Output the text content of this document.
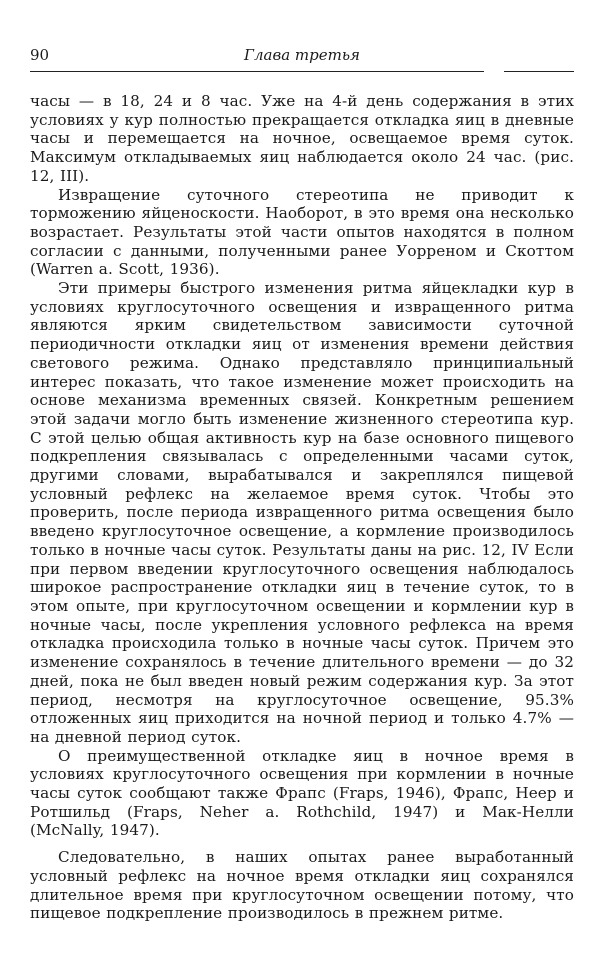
90	Глава третья

часы — в 18, 24 и 8 час. Уже на 4-й день содержания в этих условиях у кур полностью прекращается откладка яиц в дневные часы и перемещается на ночное, освещаемое время суток. Максимум откладываемых яиц наблюдается около 24 час. (рис. 12, III).

Извращение суточного стереотипа не приводит к торможению яйценоскости. Наоборот, в это время она несколько возрастает. Результаты этой части опытов находятся в полном согласии с данными, полученными ранее Уорреном и Скоттом (Warren a. Scott, 1936).

Эти примеры быстрого изменения ритма яйцекладки кур в условиях круглосуточного освещения и извращенного ритма являются ярким свидетельством зависимости суточной периодичности откладки яиц от изменения времени действия светового режима. Однако представляло принципиальный интерес показать, что такое изменение может происходить на основе механизма временных связей. Конкретным решением этой задачи могло быть изменение жизненного стереотипа кур. С этой целью общая активность кур на базе основного пищевого подкрепления связывалась с определенными часами суток, другими словами, вырабатывался и закреплялся пищевой условный рефлекс на желаемое время суток. Чтобы это проверить, после периода извращенного ритма освещения было введено круглосуточное освещение, а кормление производилось только в ночные часы суток. Результаты даны на рис. 12, IV Если при первом введении круглосуточного освещения наблюдалось широкое распространение откладки яиц в течение суток, то в этом опыте, при круглосуточном освещении и кормлении кур в ночные часы, после укрепления условного рефлекса на время откладка происходила только в ночные часы суток. Причем это изменение сохранялось в течение длительного времени — до 32 дней, пока не был введен новый режим содержания кур. За этот период, несмотря на круглосуточное освещение, 95.3% отложенных яиц приходится на ночной период и только 4.7% — на дневной период суток.

О преимущественной откладке яиц в ночное время в условиях круглосуточного освещения при кормлении в ночные часы суток сообщают также Фрапс (Fraps, 1946), Фрапс, Неер и Ротшильд (Fraps, Neher a. Rothchild, 1947) и Мак-Нелли (McNally, 1947).

Следовательно, в наших опытах ранее выработанный условный рефлекс на ночное время откладки яиц сохранялся длительное время при круглосуточном освещении потому, что пищевое подкрепление производилось в прежнем ритме.
